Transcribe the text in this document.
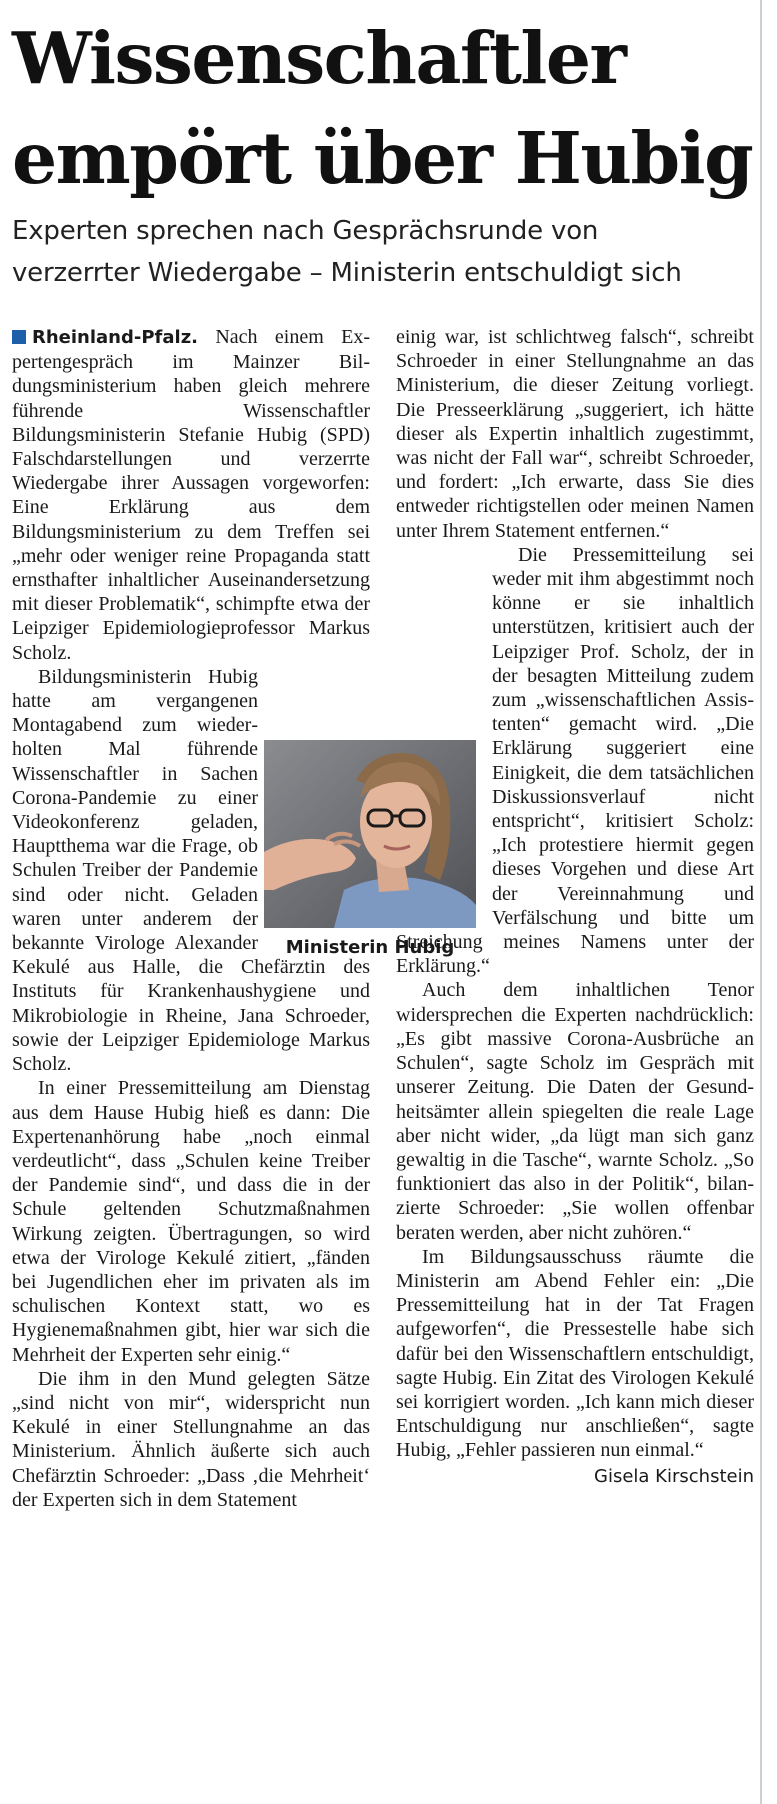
Wissenschaftler
empört über Hubig
Experten sprechen nach Gesprächsrunde von
verzerrter Wiedergabe – Ministerin entschuldigt sich

Rheinland-Pfalz. Nach einem Expertengespräch im Mainzer Bildungsministerium haben gleich mehrere führende Wissenschaftler Bildungsministerin Stefanie Hubig (SPD) Falschdarstellungen und verzerrte Wiedergabe ihrer Aussagen vorgeworfen: Eine Erklärung aus dem Bildungsministerium zu dem Treffen sei „mehr oder weniger reine Propaganda statt ernsthafter inhaltlicher Auseinandersetzung mit dieser Problematik“, schimpfte etwa der Leipziger Epidemiologieprofessor Markus Scholz.

Bildungsministerin Hubig hatte am vergangenen Montagabend zum wiederholten Mal führende Wissenschaftler in Sachen Corona-Pandemie zu einer Videokonferenz geladen, Hauptthema war die Frage, ob Schulen Treiber der Pandemie sind oder nicht. Geladen waren unter anderem der bekannte Virologe Alexander Kekulé aus Halle, die Chefärztin des Instituts für Krankenhaushygiene und Mikrobiologie in Rheine, Jana Schroeder, sowie der Leipziger Epidemiologe Markus Scholz.

In einer Pressemitteilung am Dienstag aus dem Hause Hubig hieß es dann: Die Expertenanhörung habe „noch einmal verdeutlicht“, dass „Schulen keine Treiber der Pandemie sind“, und dass die in der Schule geltenden Schutzmaßnahmen Wirkung zeigten. Übertragungen, so wird etwa der Virologe Kekulé zitiert, „fänden bei Jugendlichen eher im privaten als im schulischen Kontext statt, wo es Hygienemaßnahmen gibt, hier war sich die Mehrheit der Experten sehr einig.“

Die ihm in den Mund gelegten Sätze „sind nicht von mir“, widerspricht nun Kekulé in einer Stellungnahme an das Ministerium. Ähnlich äußerte sich auch Chefärztin Schroeder: „Dass ‚die Mehrheit‘ der Experten sich in dem Statement

einig war, ist schlichtweg falsch“, schreibt Schroeder in einer Stellungnahme an das Ministerium, die dieser Zeitung vorliegt. Die Presseerklärung „suggeriert, ich hätte dieser als Expertin inhaltlich zugestimmt, was nicht der Fall war“, schreibt Schroeder, und fordert: „Ich erwarte, dass Sie dies entweder richtigstellen oder meinen Namen unter Ihrem Statement entfernen.“

Die Pressemitteilung sei weder mit ihm abgestimmt noch könne er sie inhaltlich unterstützen, kritisiert auch der Leipziger Prof. Scholz, der in der besagten Mitteilung zudem zum „wissenschaftlichen Assistenten“ gemacht wird. „Die Erklärung suggeriert eine Einigkeit, die dem tatsächlichen Diskussionsverlauf nicht entspricht“, kritisiert Scholz: „Ich protestiere hiermit gegen dieses Vorgehen und diese Art der Vereinnahmung und Verfälschung und bitte um Streichung meines Namens unter der Erklärung.“

Auch dem inhaltlichen Tenor widersprechen die Experten nachdrücklich: „Es gibt massive Corona-Ausbrüche an Schulen“, sagte Scholz im Gespräch mit unserer Zeitung. Die Daten der Gesundheitsämter allein spiegelten die reale Lage aber nicht wider, „da lügt man sich ganz gewaltig in die Tasche“, warnte Scholz. „So funktioniert das also in der Politik“, bilanzierte Schroeder: „Sie wollen offenbar beraten werden, aber nicht zuhören.“

Im Bildungsausschuss räumte die Ministerin am Abend Fehler ein: „Die Pressemitteilung hat in der Tat Fragen aufgeworfen“, die Pressestelle habe sich dafür bei den Wissenschaftlern entschuldigt, sagte Hubig. Ein Zitat des Virologen Kekulé sei korrigiert worden. „Ich kann mich dieser Entschuldigung nur anschließen“, sagte Hubig, „Fehler passieren nun einmal.“

Gisela Kirschstein

Ministerin Hubig
